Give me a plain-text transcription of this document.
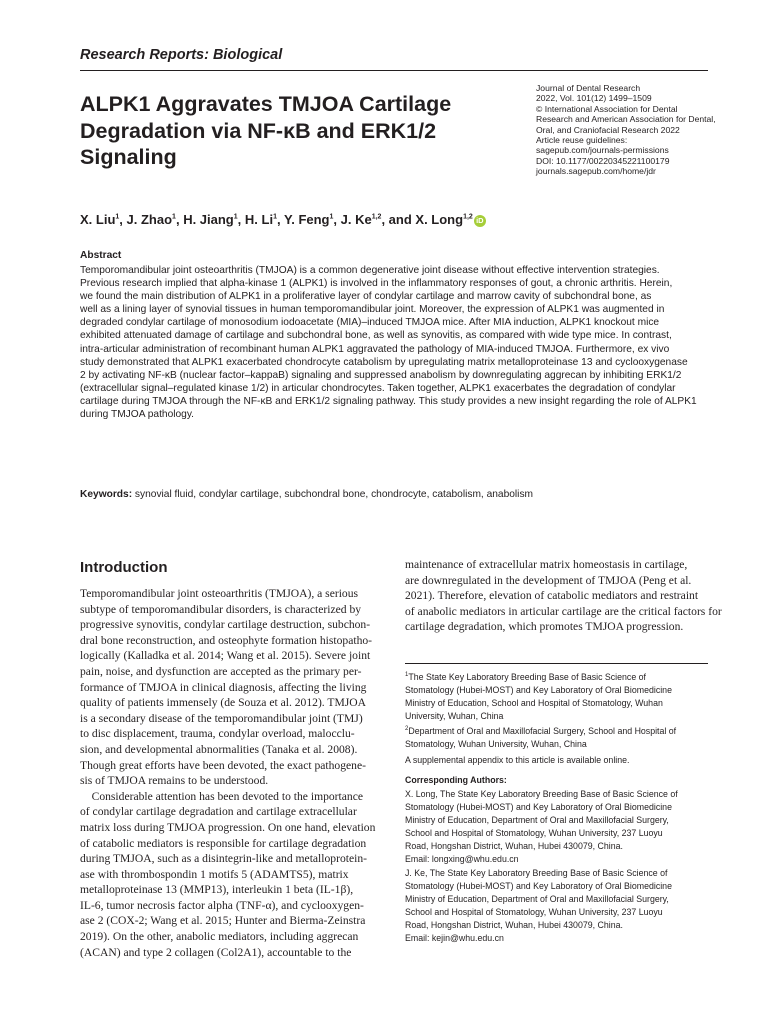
Research Reports: Biological
ALPK1 Aggravates TMJOA Cartilage
Degradation via NF-κB and ERK1/2
Signaling
Journal of Dental Research
2022, Vol. 101(12) 1499–1509
© International Association for Dental
Research and American Association for Dental,
Oral, and Craniofacial Research 2022
Article reuse guidelines:
sagepub.com/journals-permissions
DOI: 10.1177/00220345221100179
journals.sagepub.com/home/jdr
X. Liu$^1$, J. Zhao$^1$, H. Jiang$^1$, H. Li$^1$, Y. Feng$^1$, J. Ke$^{1,2}$, and X. Long$^{1,2}$ iD
Abstract
Temporomandibular joint osteoarthritis (TMJOA) is a common degenerative joint disease without effective intervention strategies.
Previous research implied that alpha-kinase 1 (ALPK1) is involved in the inflammatory responses of gout, a chronic arthritis. Herein,
we found the main distribution of ALPK1 in a proliferative layer of condylar cartilage and marrow cavity of subchondral bone, as
well as a lining layer of synovial tissues in human temporomandibular joint. Moreover, the expression of ALPK1 was augmented in
degraded condylar cartilage of monosodium iodoacetate (MIA)–induced TMJOA mice. After MIA induction, ALPK1 knockout mice
exhibited attenuated damage of cartilage and subchondral bone, as well as synovitis, as compared with wide type mice. In contrast,
intra-articular administration of recombinant human ALPK1 aggravated the pathology of MIA-induced TMJOA. Furthermore, ex vivo
study demonstrated that ALPK1 exacerbated chondrocyte catabolism by upregulating matrix metalloproteinase 13 and cyclooxygenase
2 by activating NF-κB (nuclear factor–kappaB) signaling and suppressed anabolism by downregulating aggrecan by inhibiting ERK1/2
(extracellular signal–regulated kinase 1/2) in articular chondrocytes. Taken together, ALPK1 exacerbates the degradation of condylar
cartilage during TMJOA through the NF-κB and ERK1/2 signaling pathway. This study provides a new insight regarding the role of ALPK1
during TMJOA pathology.
Keywords: synovial fluid, condylar cartilage, subchondral bone, chondrocyte, catabolism, anabolism
Introduction
Temporomandibular joint osteoarthritis (TMJOA), a serious
subtype of temporomandibular disorders, is characterized by
progressive synovitis, condylar cartilage destruction, subchon-
dral bone reconstruction, and osteophyte formation histopatho-
logically (Kalladka et al. 2014; Wang et al. 2015). Severe joint
pain, noise, and dysfunction are accepted as the primary per-
formance of TMJOA in clinical diagnosis, affecting the living
quality of patients immensely (de Souza et al. 2012). TMJOA
is a secondary disease of the temporomandibular joint (TMJ)
to disc displacement, trauma, condylar overload, malocclu-
sion, and developmental abnormalities (Tanaka et al. 2008).
Though great efforts have been devoted, the exact pathogene-
sis of TMJOA remains to be understood.
 Considerable attention has been devoted to the importance
of condylar cartilage degradation and cartilage extracellular
matrix loss during TMJOA progression. On one hand, elevation
of catabolic mediators is responsible for cartilage degradation
during TMJOA, such as a disintegrin-like and metalloprotein-
ase with thrombospondin 1 motifs 5 (ADAMTS5), matrix
metalloproteinase 13 (MMP13), interleukin 1 beta (IL-1β),
IL-6, tumor necrosis factor alpha (TNF-α), and cyclooxygen-
ase 2 (COX-2; Wang et al. 2015; Hunter and Bierma-Zeinstra
2019). On the other, anabolic mediators, including aggrecan
(ACAN) and type 2 collagen (Col2A1), accountable to the
maintenance of extracellular matrix homeostasis in cartilage,
are downregulated in the development of TMJOA (Peng et al.
2021). Therefore, elevation of catabolic mediators and restraint
of anabolic mediators in articular cartilage are the critical factors for
cartilage degradation, which promotes TMJOA progression.
$^1$The State Key Laboratory Breeding Base of Basic Science of
Stomatology (Hubei-MOST) and Key Laboratory of Oral Biomedicine
Ministry of Education, School and Hospital of Stomatology, Wuhan
University, Wuhan, China
$^2$Department of Oral and Maxillofacial Surgery, School and Hospital of
Stomatology, Wuhan University, Wuhan, China
A supplemental appendix to this article is available online.
Corresponding Authors:
X. Long, The State Key Laboratory Breeding Base of Basic Science of
Stomatology (Hubei-MOST) and Key Laboratory of Oral Biomedicine
Ministry of Education, Department of Oral and Maxillofacial Surgery,
School and Hospital of Stomatology, Wuhan University, 237 Luoyu
Road, Hongshan District, Wuhan, Hubei 430079, China.
Email: longxing@whu.edu.cn
J. Ke, The State Key Laboratory Breeding Base of Basic Science of
Stomatology (Hubei-MOST) and Key Laboratory of Oral Biomedicine
Ministry of Education, Department of Oral and Maxillofacial Surgery,
School and Hospital of Stomatology, Wuhan University, 237 Luoyu
Road, Hongshan District, Wuhan, Hubei 430079, China.
Email: kejin@whu.edu.cn
